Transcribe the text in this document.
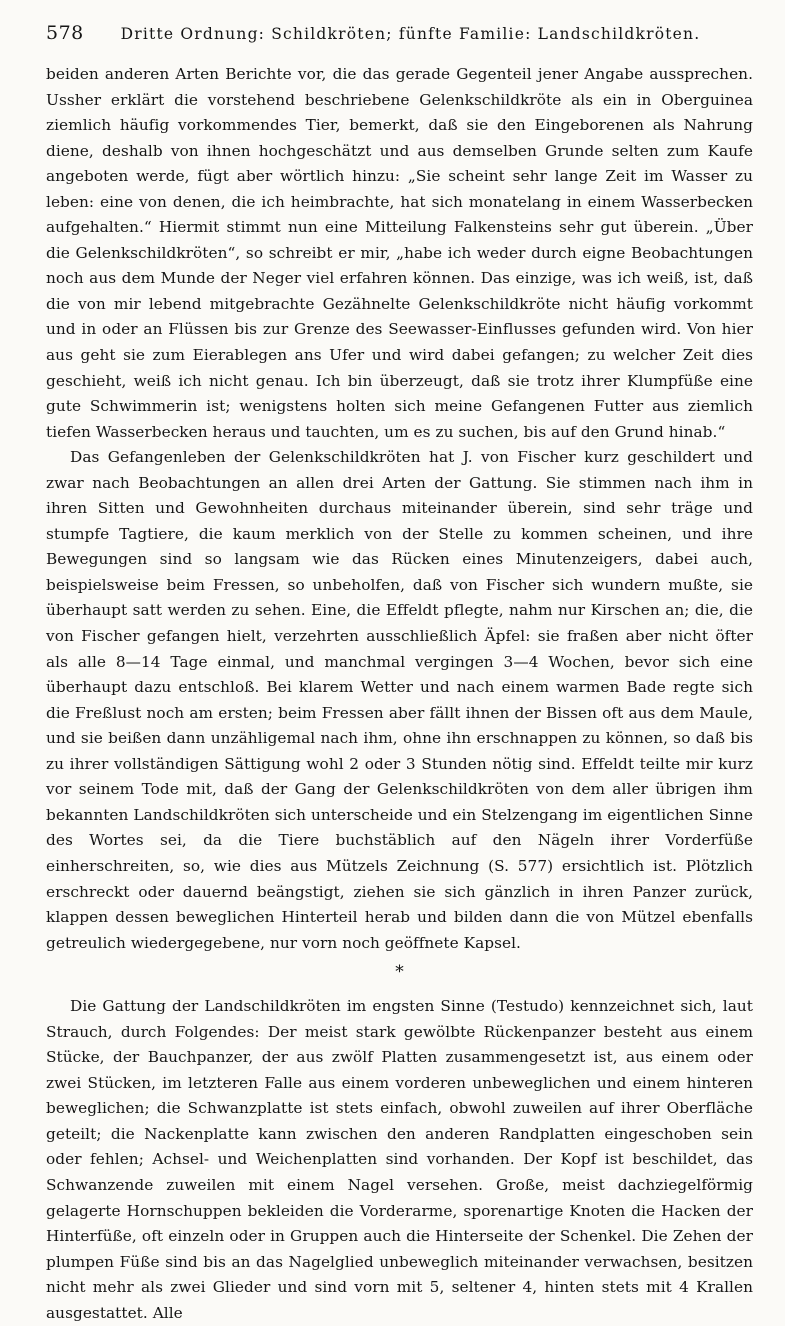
578	Dritte Ordnung: Schildkröten; fünfte Familie: Landschildkröten.

beiden anderen Arten Berichte vor, die das gerade Gegenteil jener Angabe aussprechen. Ussher erklärt die vorstehend beschriebene Gelenkschildkröte als ein in Oberguinea ziemlich häufig vorkommendes Tier, bemerkt, daß sie den Eingeborenen als Nahrung diene, deshalb von ihnen hochgeschätzt und aus demselben Grunde selten zum Kaufe angeboten werde, fügt aber wörtlich hinzu: „Sie scheint sehr lange Zeit im Wasser zu leben: eine von denen, die ich heimbrachte, hat sich monatelang in einem Wasserbecken aufgehalten.“ Hiermit stimmt nun eine Mitteilung Falkensteins sehr gut überein. „Über die Gelenkschildkröten“, so schreibt er mir, „habe ich weder durch eigne Beobachtungen noch aus dem Munde der Neger viel erfahren können. Das einzige, was ich weiß, ist, daß die von mir lebend mitgebrachte Gezähnelte Gelenkschildkröte nicht häufig vorkommt und in oder an Flüssen bis zur Grenze des Seewasser-Einflusses gefunden wird. Von hier aus geht sie zum Eierablegen ans Ufer und wird dabei gefangen; zu welcher Zeit dies geschieht, weiß ich nicht genau. Ich bin überzeugt, daß sie trotz ihrer Klumpfüße eine gute Schwimmerin ist; wenigstens holten sich meine Gefangenen Futter aus ziemlich tiefen Wasserbecken heraus und tauchten, um es zu suchen, bis auf den Grund hinab.“

Das Gefangenleben der Gelenkschildkröten hat J. von Fischer kurz geschildert und zwar nach Beobachtungen an allen drei Arten der Gattung. Sie stimmen nach ihm in ihren Sitten und Gewohnheiten durchaus miteinander überein, sind sehr träge und stumpfe Tagtiere, die kaum merklich von der Stelle zu kommen scheinen, und ihre Bewegungen sind so langsam wie das Rücken eines Minutenzeigers, dabei auch, beispielsweise beim Fressen, so unbeholfen, daß von Fischer sich wundern mußte, sie überhaupt satt werden zu sehen. Eine, die Effeldt pflegte, nahm nur Kirschen an; die, die von Fischer gefangen hielt, verzehrten ausschließlich Äpfel: sie fraßen aber nicht öfter als alle 8—14 Tage einmal, und manchmal vergingen 3—4 Wochen, bevor sich eine überhaupt dazu entschloß. Bei klarem Wetter und nach einem warmen Bade regte sich die Freßlust noch am ersten; beim Fressen aber fällt ihnen der Bissen oft aus dem Maule, und sie beißen dann unzähligemal nach ihm, ohne ihn erschnappen zu können, so daß bis zu ihrer vollständigen Sättigung wohl 2 oder 3 Stunden nötig sind. Effeldt teilte mir kurz vor seinem Tode mit, daß der Gang der Gelenkschildkröten von dem aller übrigen ihm bekannten Landschildkröten sich unterscheide und ein Stelzengang im eigentlichen Sinne des Wortes sei, da die Tiere buchstäblich auf den Nägeln ihrer Vorderfüße einherschreiten, so, wie dies aus Mützels Zeichnung (S. 577) ersichtlich ist. Plötzlich erschreckt oder dauernd beängstigt, ziehen sie sich gänzlich in ihren Panzer zurück, klappen dessen beweglichen Hinterteil herab und bilden dann die von Mützel ebenfalls getreulich wiedergegebene, nur vorn noch geöffnete Kapsel.

*

Die Gattung der Landschildkröten im engsten Sinne (Testudo) kennzeichnet sich, laut Strauch, durch Folgendes: Der meist stark gewölbte Rückenpanzer besteht aus einem Stücke, der Bauchpanzer, der aus zwölf Platten zusammengesetzt ist, aus einem oder zwei Stücken, im letzteren Falle aus einem vorderen unbeweglichen und einem hinteren beweglichen; die Schwanzplatte ist stets einfach, obwohl zuweilen auf ihrer Oberfläche geteilt; die Nackenplatte kann zwischen den anderen Randplatten eingeschoben sein oder fehlen; Achsel- und Weichenplatten sind vorhanden. Der Kopf ist beschildet, das Schwanzende zuweilen mit einem Nagel versehen. Große, meist dachziegelförmig gelagerte Hornschuppen bekleiden die Vorderarme, sporenartige Knoten die Hacken der Hinterfüße, oft einzeln oder in Gruppen auch die Hinterseite der Schenkel. Die Zehen der plumpen Füße sind bis an das Nagelglied unbeweglich miteinander verwachsen, besitzen nicht mehr als zwei Glieder und sind vorn mit 5, seltener 4, hinten stets mit 4 Krallen ausgestattet. Alle
